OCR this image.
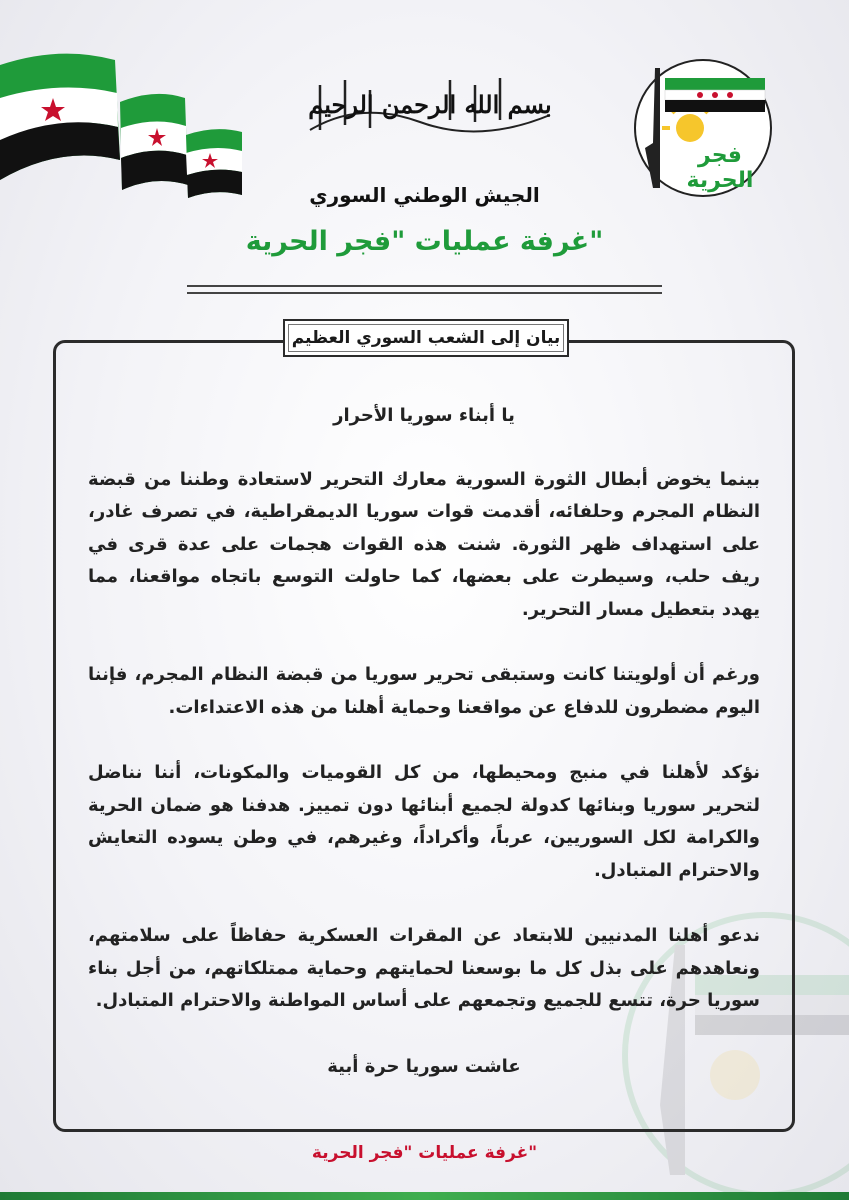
بسم الله الرحمن الرحيم
فجر الحرية
الجيش الوطني السوري
غرفة عمليات "فجر الحرية"
بيان إلى الشعب السوري العظيم

يا أبناء سوريا الأحرار

بينما يخوض أبطال الثورة السورية معارك التحرير لاستعادة وطننا من قبضة النظام المجرم وحلفائه، أقدمت قوات سوريا الديمقراطية، في تصرف غادر، على استهداف ظهر الثورة. شنت هذه القوات هجمات على عدة قرى في ريف حلب، وسيطرت على بعضها، كما حاولت التوسع باتجاه مواقعنا، مما يهدد بتعطيل مسار التحرير.

ورغم أن أولويتنا كانت وستبقى تحرير سوريا من قبضة النظام المجرم، فإننا اليوم مضطرون للدفاع عن مواقعنا وحماية أهلنا من هذه الاعتداءات.

نؤكد لأهلنا في منبج ومحيطها، من كل القوميات والمكونات، أننا نناضل لتحرير سوريا وبنائها كدولة لجميع أبنائها دون تمييز. هدفنا هو ضمان الحرية والكرامة لكل السوريين، عرباً، وأكراداً، وغيرهم، في وطن يسوده التعايش والاحترام المتبادل.

ندعو أهلنا المدنيين للابتعاد عن المقرات العسكرية حفاظاً على سلامتهم، ونعاهدهم على بذل كل ما بوسعنا لحمايتهم وحماية ممتلكاتهم، من أجل بناء سوريا حرة، تتسع للجميع وتجمعهم على أساس المواطنة والاحترام المتبادل.

عاشت سوريا حرة أبية

غرفة عمليات "فجر الحرية"
